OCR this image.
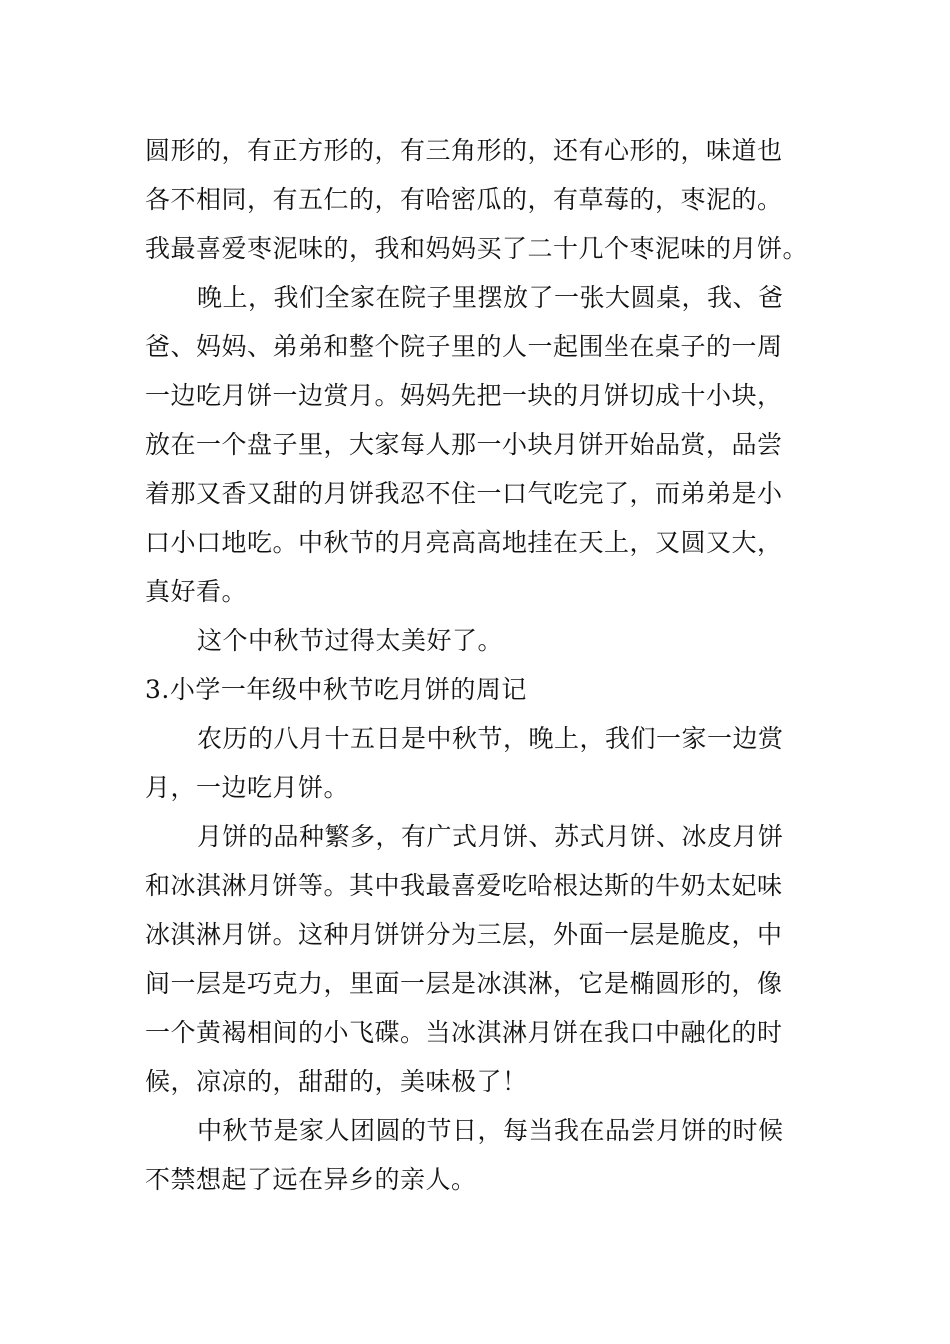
圆形的，有正方形的，有三角形的，还有心形的，味道也
各不相同，有五仁的，有哈密瓜的，有草莓的，枣泥的。
我最喜爱枣泥味的，我和妈妈买了二十几个枣泥味的月饼。
晚上，我们全家在院子里摆放了一张大圆桌，我、爸
爸、妈妈、弟弟和整个院子里的人一起围坐在桌子的一周
一边吃月饼一边赏月。妈妈先把一块的月饼切成十小块，
放在一个盘子里，大家每人那一小块月饼开始品赏，品尝
着那又香又甜的月饼我忍不住一口气吃完了，而弟弟是小
口小口地吃。中秋节的月亮高高地挂在天上，又圆又大，
真好看。
这个中秋节过得太美好了。
3.小学一年级中秋节吃月饼的周记
农历的八月十五日是中秋节，晚上，我们一家一边赏
月，一边吃月饼。
月饼的品种繁多，有广式月饼、苏式月饼、冰皮月饼
和冰淇淋月饼等。其中我最喜爱吃哈根达斯的牛奶太妃味
冰淇淋月饼。这种月饼饼分为三层，外面一层是脆皮，中
间一层是巧克力，里面一层是冰淇淋，它是椭圆形的，像
一个黄褐相间的小飞碟。当冰淇淋月饼在我口中融化的时
候，凉凉的，甜甜的，美味极了！
中秋节是家人团圆的节日，每当我在品尝月饼的时候
不禁想起了远在异乡的亲人。
